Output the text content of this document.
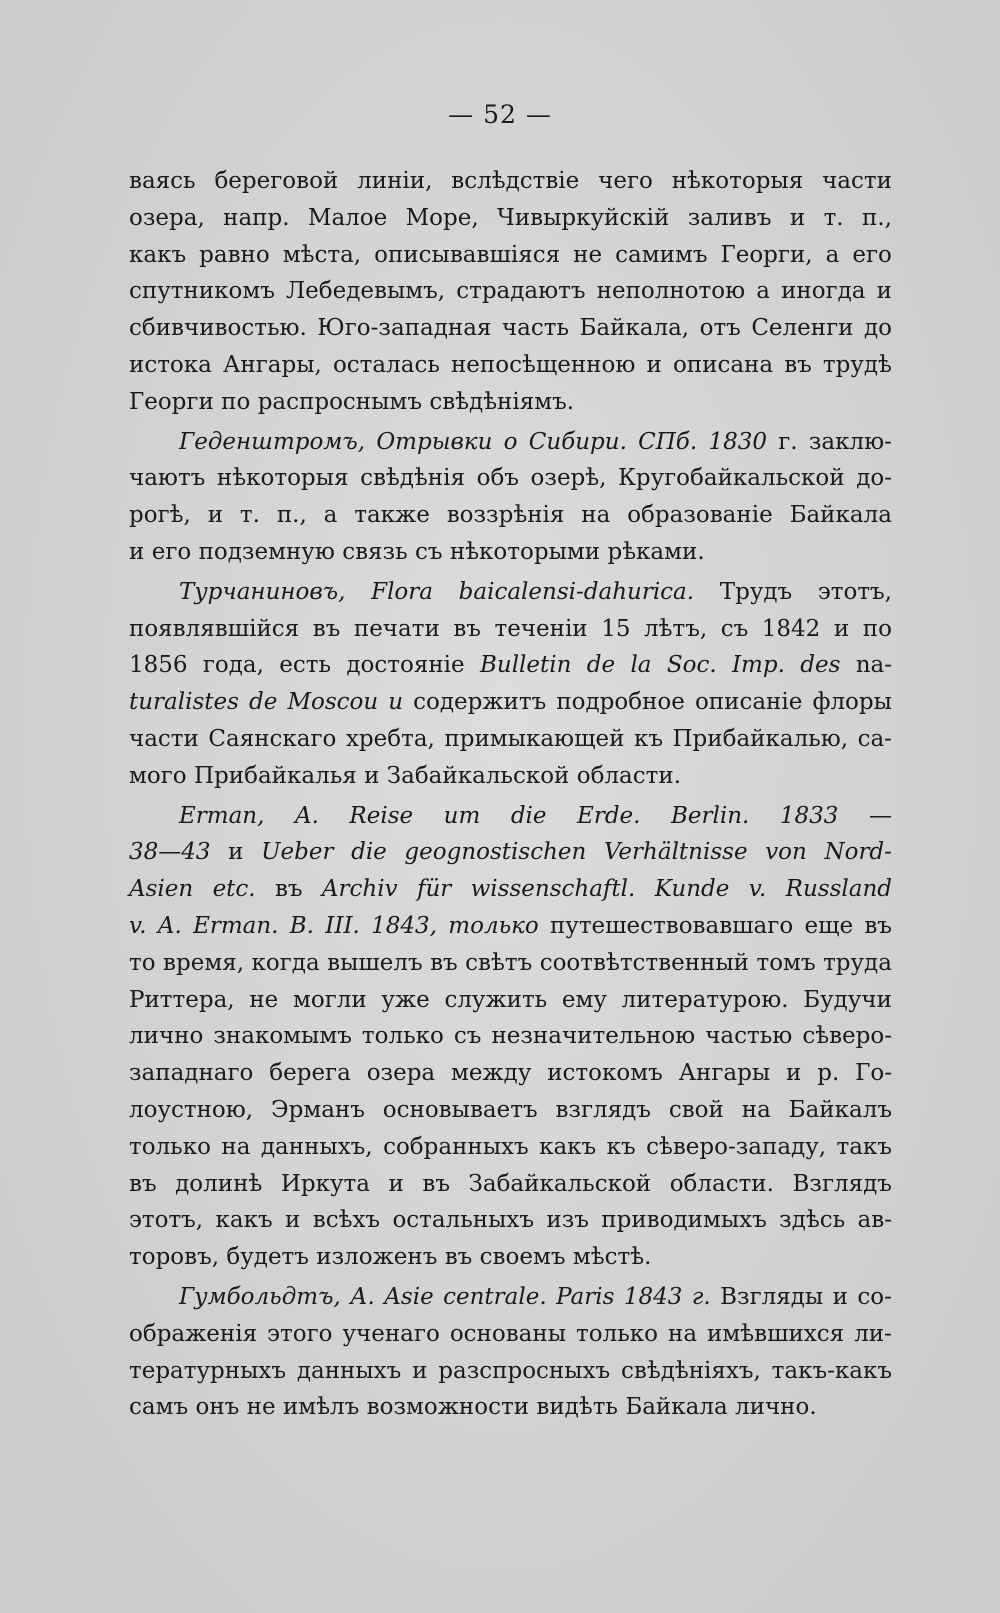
— 52 —
ваясь береговой линіи, вслѣдствіе чего нѣкоторыя части
озера, напр. Малое Море, Чивыркуйскій заливъ и т. п.,
какъ равно мѣста, описывавшіяся не самимъ Георги, а его
спутникомъ Лебедевымъ, страдаютъ неполнотою а иногда и
сбивчивостью. Юго-западная часть Байкала, отъ Селенги до
истока Ангары, осталась непосѣщенною и описана въ трудѣ
Георги по распроснымъ свѣдѣніямъ.
Геденштромъ, Отрывки о Сибири. СПб. 1830 г. заклю-
чаютъ нѣкоторыя свѣдѣнія объ озерѣ, Кругобайкальской до-
рогѣ, и т. п., а также воззрѣнія на образованіе Байкала
и его подземную связь съ нѣкоторыми рѣками.
Турчаниновъ, Flora baicalensi-dahurica. Трудъ этотъ,
появлявшійся въ печати въ теченіи 15 лѣтъ, съ 1842 и по
1856 года, есть достояніе Bulletin de la Soc. Imp. des na-
turalistes de Moscou и содержитъ подробное описаніе флоры
части Саянскаго хребта, примыкающей къ Прибайкалью, са-
мого Прибайкалья и Забайкальской области.
Erman, A. Reise um die Erde. Berlin. 1833 —
38—43 и Ueber die geognostischen Verhältnisse von Nord-
Asien etc. въ Archiv für wissenschaftl. Kunde v. Russland
v. A. Erman. B. III. 1843, только путешествовавшаго еще въ
то время, когда вышелъ въ свѣтъ соотвѣтственный томъ труда
Риттера, не могли уже служить ему литературою. Будучи
лично знакомымъ только съ незначительною частью сѣверо-
западнаго берега озера между истокомъ Ангары и р. Го-
лоустною, Эрманъ основываетъ взглядъ свой на Байкалъ
только на данныхъ, собранныхъ какъ къ сѣверо-западу, такъ
въ долинѣ Иркута и въ Забайкальской области. Взглядъ
этотъ, какъ и всѣхъ остальныхъ изъ приводимыхъ здѣсь ав-
торовъ, будетъ изложенъ въ своемъ мѣстѣ.
Гумбольдтъ, А. Asie centrale. Paris 1843 г. Взгляды и со-
ображенія этого ученаго основаны только на имѣвшихся ли-
тературныхъ данныхъ и разспросныхъ свѣдѣніяхъ, такъ-какъ
самъ онъ не имѣлъ возможности видѣть Байкала лично.
